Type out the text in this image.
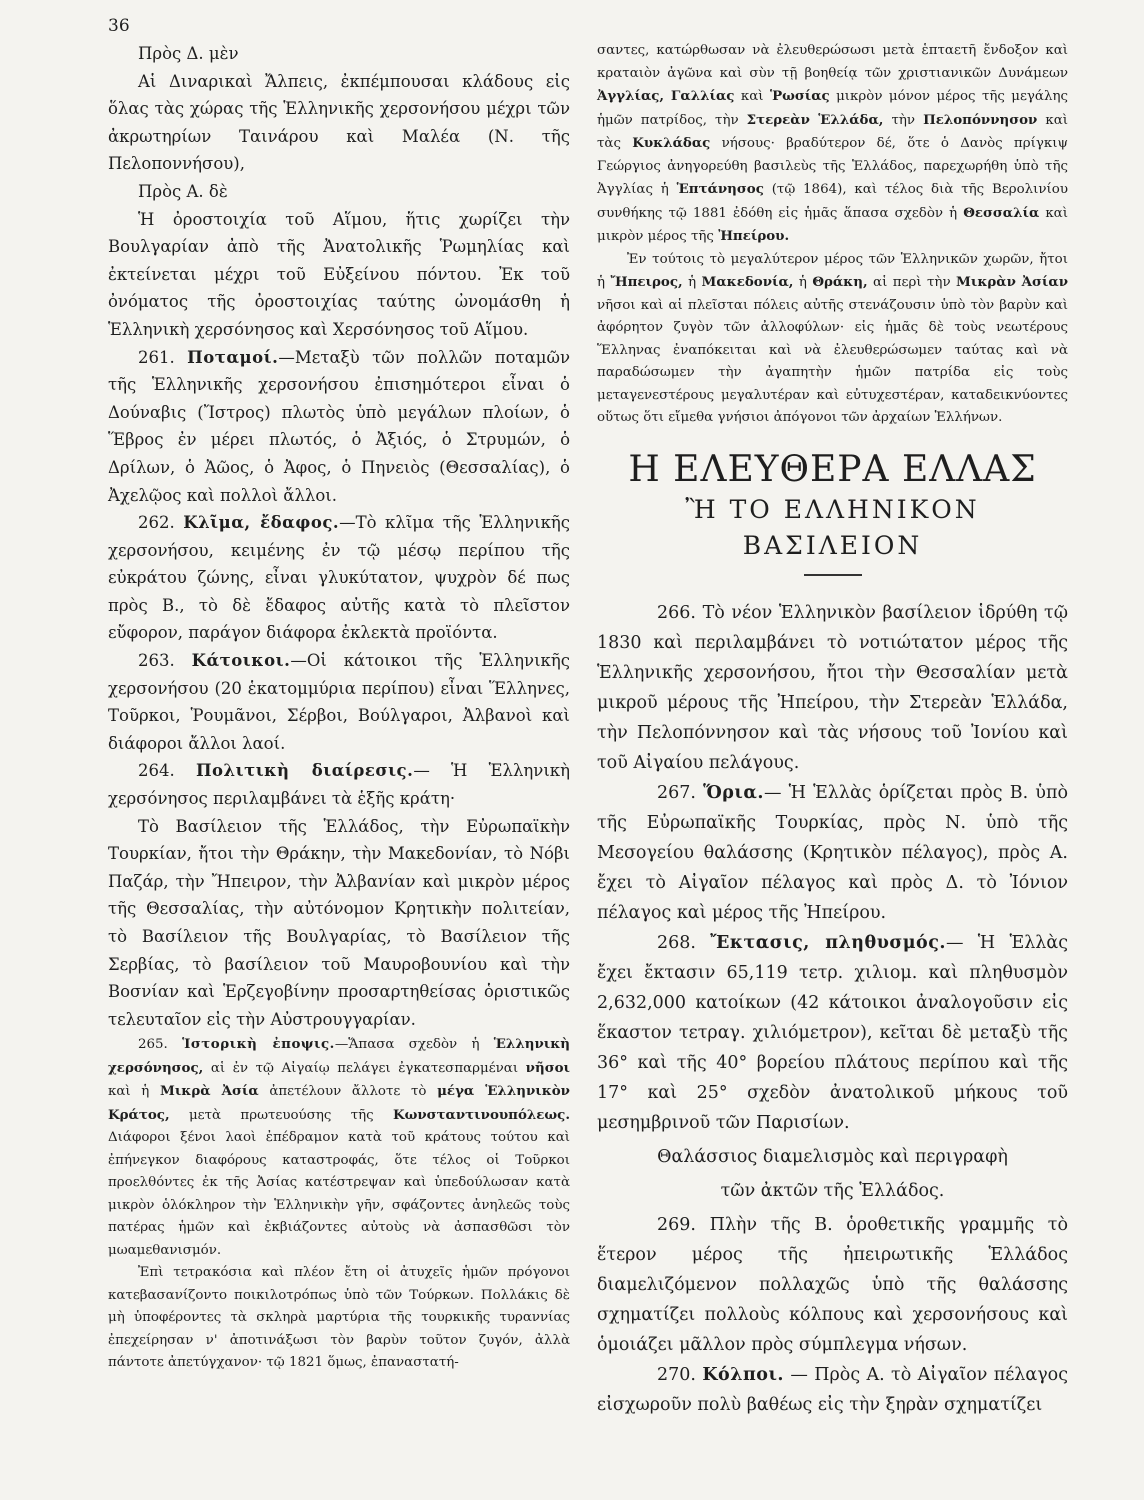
36

Πρὸς Δ. μὲν

Αἱ Διναρικαὶ Ἄλπεις, ἐκπέμπουσαι κλάδους εἰς ὅλας τὰς χώρας τῆς Ἑλληνικῆς χερσονήσου μέχρι τῶν ἀκρωτηρίων Ταινάρου καὶ Μαλέα (Ν. τῆς Πελοποννήσου),

Πρὸς Α. δὲ

Ἡ ὀροστοιχία τοῦ Αἵμου, ἥτις χωρίζει τὴν Βουλγαρίαν ἀπὸ τῆς Ἀνατολικῆς Ῥωμηλίας καὶ ἐκτείνεται μέχρι τοῦ Εὐξείνου πόντου. Ἐκ τοῦ ὀνόματος τῆς ὀροστοιχίας ταύτης ὠνομάσθη ἡ Ἑλληνικὴ χερσόνησος καὶ Χερσόνησος τοῦ Αἵμου.

261. Ποταμοί.—Μεταξὺ τῶν πολλῶν ποταμῶν τῆς Ἑλληνικῆς χερσονήσου ἐπισημότεροι εἶναι ὁ Δούναβις (Ἴστρος) πλωτὸς ὑπὸ μεγάλων πλοίων, ὁ Ἕβρος ἐν μέρει πλωτός, ὁ Ἀξιός, ὁ Στρυμών, ὁ Δρίλων, ὁ Ἀῶος, ὁ Ἀφος, ὁ Πηνειὸς (Θεσσαλίας), ὁ Ἀχελῷος καὶ πολλοὶ ἄλλοι.

262. Κλῖμα, ἔδαφος.—Τὸ κλῖμα τῆς Ἑλληνικῆς χερσονήσου, κειμένης ἐν τῷ μέσῳ περίπου τῆς εὐκράτου ζώνης, εἶναι γλυκύτατον, ψυχρὸν δέ πως πρὸς Β., τὸ δὲ ἔδαφος αὐτῆς κατὰ τὸ πλεῖστον εὔφορον, παράγον διάφορα ἐκλεκτὰ προϊόντα.

263. Κάτοικοι.—Οἱ κάτοικοι τῆς Ἑλληνικῆς χερσονήσου (20 ἑκατομμύρια περίπου) εἶναι Ἕλληνες, Τοῦρκοι, Ῥουμᾶνοι, Σέρβοι, Βούλγαροι, Ἀλβανοὶ καὶ διάφοροι ἄλλοι λαοί.

264. Πολιτικὴ διαίρεσις.— Ἡ Ἑλληνικὴ χερσόνησος περιλαμβάνει τὰ ἑξῆς κράτη·

Τὸ Βασίλειον τῆς Ἑλλάδος, τὴν Εὐρωπαϊκὴν Τουρκίαν, ἤτοι τὴν Θράκην, τὴν Μακεδονίαν, τὸ Νόβι Παζάρ, τὴν Ἤπειρον, τὴν Ἀλβανίαν καὶ μικρὸν μέρος τῆς Θεσσαλίας, τὴν αὐτόνομον Κρητικὴν πολιτείαν, τὸ Βασίλειον τῆς Βουλγαρίας, τὸ Βασίλειον τῆς Σερβίας, τὸ βασίλειον τοῦ Μαυροβουνίου καὶ τὴν Βοσνίαν καὶ Ἑρζεγοβίνην προσαρτηθείσας ὁριστικῶς τελευταῖον εἰς τὴν Αὐστρουγγαρίαν.

265. Ἱστορικὴ ἐποψις.—Ἅπασα σχεδὸν ἡ Ἑλληνικὴ χερσόνησος, αἱ ἐν τῷ Αἰγαίῳ πελάγει ἐγκατεσπαρμέναι νῆσοι καὶ ἡ Μικρὰ Ἀσία ἀπετέλουν ἄλλοτε τὸ μέγα Ἑλληνικὸν Κράτος, μετὰ πρωτευούσης τῆς Κωνσταντινουπόλεως. Διάφοροι ξένοι λαοὶ ἐπέδραμον κατὰ τοῦ κράτους τούτου καὶ ἐπήνεγκον διαφόρους καταστροφάς, ὅτε τέλος οἱ Τοῦρκοι προελθόντες ἐκ τῆς Ἀσίας κατέστρεψαν καὶ ὑπεδούλωσαν κατὰ μικρὸν ὁλόκληρον τὴν Ἑλληνικὴν γῆν, σφάζοντες ἀνηλεῶς τοὺς πατέρας ἡμῶν καὶ ἐκβιάζοντες αὐτοὺς νὰ ἀσπασθῶσι τὸν μωαμεθανισμόν.

Ἐπὶ τετρακόσια καὶ πλέον ἔτη οἱ ἀτυχεῖς ἡμῶν πρόγονοι κατεβασανίζοντο ποικιλοτρόπως ὑπὸ τῶν Τούρκων. Πολλάκις δὲ μὴ ὑποφέροντες τὰ σκληρὰ μαρτύρια τῆς τουρκικῆς τυραννίας ἐπεχείρησαν ν' ἀποτινάξωσι τὸν βαρὺν τοῦτον ζυγόν, ἀλλὰ πάντοτε ἀπετύγχανον· τῷ 1821 ὅμως, ἐπαναστατή-

σαντες, κατώρθωσαν νὰ ἐλευθερώσωσι μετὰ ἑπταετῆ ἔνδοξον καὶ κραταιὸν ἀγῶνα καὶ σὺν τῇ βοηθείᾳ τῶν χριστιανικῶν Δυνάμεων Ἀγγλίας, Γαλλίας καὶ Ῥωσίας μικρὸν μόνον μέρος τῆς μεγάλης ἡμῶν πατρίδος, τὴν Στερεὰν Ἑλλάδα, τὴν Πελοπόννησον καὶ τὰς Κυκλάδας νήσους· βραδύτερον δέ, ὅτε ὁ Δανὸς πρίγκιψ Γεώργιος ἀνηγορεύθη βασιλεὺς τῆς Ἑλλάδος, παρεχωρήθη ὑπὸ τῆς Ἀγγλίας ἡ Ἑπτάνησος (τῷ 1864), καὶ τέλος διὰ τῆς Βερολινίου συνθήκης τῷ 1881 ἐδόθη εἰς ἡμᾶς ἅπασα σχεδὸν ἡ Θεσσαλία καὶ μικρὸν μέρος τῆς Ἠπείρου.

Ἐν τούτοις τὸ μεγαλύτερον μέρος τῶν Ἑλληνικῶν χωρῶν, ἤτοι ἡ Ἤπειρος, ἡ Μακεδονία, ἡ Θράκη, αἱ περὶ τὴν Μικρὰν Ἀσίαν νῆσοι καὶ αἱ πλεῖσται πόλεις αὐτῆς στενάζουσιν ὑπὸ τὸν βαρὺν καὶ ἀφόρητον ζυγὸν τῶν ἀλλοφύλων· εἰς ἡμᾶς δὲ τοὺς νεωτέρους Ἕλληνας ἐναπόκειται καὶ νὰ ἐλευθερώσωμεν ταύτας καὶ νὰ παραδώσωμεν τὴν ἀγαπητὴν ἡμῶν πατρίδα εἰς τοὺς μεταγενεστέρους μεγαλυτέραν καὶ εὐτυχεστέραν, καταδεικνύοντες οὕτως ὅτι εἴμεθα γνήσιοι ἀπόγονοι τῶν ἀρχαίων Ἑλλήνων.

Η ΕΛΕΥΘΕΡΑ ΕΛΛΑΣ

Ἢ ΤΟ ΕΛΛΗΝΙΚΟΝ ΒΑΣΙΛΕΙΟΝ

266. Τὸ νέον Ἑλληνικὸν βασίλειον ἱδρύθη τῷ 1830 καὶ περιλαμβάνει τὸ νοτιώτατον μέρος τῆς Ἑλληνικῆς χερσονήσου, ἤτοι τὴν Θεσσαλίαν μετὰ μικροῦ μέρους τῆς Ἠπείρου, τὴν Στερεὰν Ἑλλάδα, τὴν Πελοπόννησον καὶ τὰς νήσους τοῦ Ἰονίου καὶ τοῦ Αἰγαίου πελάγους.

267. Ὅρια.— Ἡ Ἑλλὰς ὁρίζεται πρὸς Β. ὑπὸ τῆς Εὐρωπαϊκῆς Τουρκίας, πρὸς Ν. ὑπὸ τῆς Μεσογείου θαλάσσης (Κρητικὸν πέλαγος), πρὸς Α. ἔχει τὸ Αἰγαῖον πέλαγος καὶ πρὸς Δ. τὸ Ἰόνιον πέλαγος καὶ μέρος τῆς Ἠπείρου.

268. Ἔκτασις, πληθυσμός.— Ἡ Ἑλλὰς ἔχει ἔκτασιν 65,119 τετρ. χιλιομ. καὶ πληθυσμὸν 2,632,000 κατοίκων (42 κάτοικοι ἀναλογοῦσιν εἰς ἕκαστον τετραγ. χιλιόμετρον), κεῖται δὲ μεταξὺ τῆς 36° καὶ τῆς 40° βορείου πλάτους περίπου καὶ τῆς 17° καὶ 25° σχεδὸν ἀνατολικοῦ μήκους τοῦ μεσημβρινοῦ τῶν Παρισίων.

Θαλάσσιος διαμελισμὸς καὶ περιγραφὴ

τῶν ἀκτῶν τῆς Ἑλλάδος.

269. Πλὴν τῆς Β. ὁροθετικῆς γραμμῆς τὸ ἕτερον μέρος τῆς ἠπειρωτικῆς Ἑλλάδος διαμελιζόμενον πολλαχῶς ὑπὸ τῆς θαλάσσης σχηματίζει πολλοὺς κόλπους καὶ χερσονήσους καὶ ὁμοιάζει μᾶλλον πρὸς σύμπλεγμα νήσων.

270. Κόλποι. — Πρὸς Α. τὸ Αἰγαῖον πέλαγος εἰσχωροῦν πολὺ βαθέως εἰς τὴν ξηρὰν σχηματίζει
